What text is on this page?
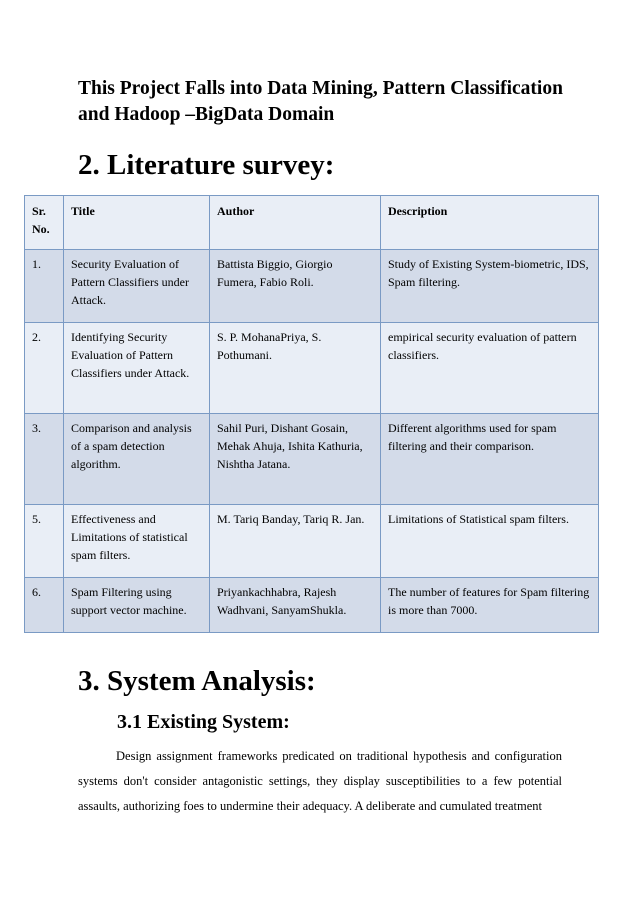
This Project Falls into Data Mining, Pattern Classification and Hadoop –BigData Domain
2. Literature survey:
Sr. No.	Title	Author	Description
1.	Security Evaluation of Pattern Classifiers under Attack.	Battista Biggio, Giorgio Fumera, Fabio Roli.	Study of Existing System-biometric, IDS, Spam filtering.
2.	Identifying Security Evaluation of Pattern Classifiers under Attack.	S. P. MohanaPriya, S. Pothumani.	empirical security evaluation of pattern classifiers.
3.	Comparison and analysis of a spam detection algorithm.	Sahil Puri, Dishant Gosain, Mehak Ahuja, Ishita Kathuria, Nishtha Jatana.	Different algorithms used for spam filtering and their comparison.
5.	Effectiveness and Limitations of statistical spam filters.	M. Tariq Banday, Tariq R. Jan.	Limitations of Statistical spam filters.
6.	Spam Filtering using support vector machine.	Priyankachhabra, Rajesh Wadhvani, SanyamShukla.	The number of features for Spam filtering is more than 7000.
3. System Analysis:
3.1 Existing System:

Design assignment frameworks predicated on traditional hypothesis and configuration systems don't consider antagonistic settings, they display susceptibilities to a few potential assaults, authorizing foes to undermine their adequacy. A deliberate and cumulated treatment
